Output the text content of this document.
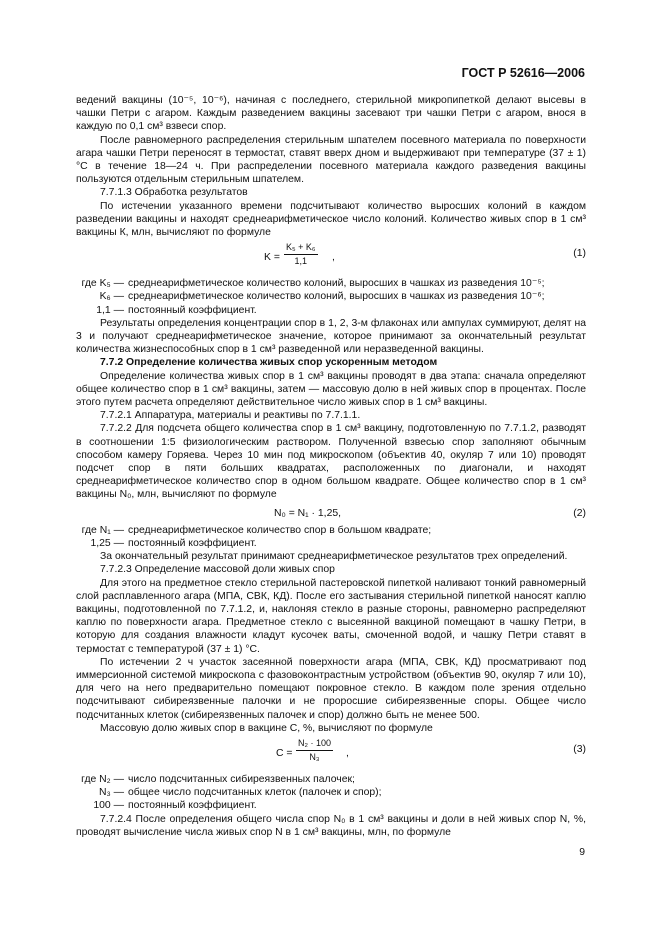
ГОСТ Р 52616—2006

ведений вакцины (10⁻⁵, 10⁻⁶), начиная с последнего, стерильной микропипеткой делают высевы в чашки Петри с агаром. Каждым разведением вакцины засевают три чашки Петри с агаром, внося в каждую по 0,1 см³ взвеси спор.

После равномерного распределения стерильным шпателем посевного материала по поверхности агара чашки Петри переносят в термостат, ставят вверх дном и выдерживают при температуре (37 ± 1) °С в течение 18—24 ч. При распределении посевного материала каждого разведения вакцины пользуются отдельным стерильным шпателем.

7.7.1.3 Обработка результатов

По истечении указанного времени подсчитывают количество выросших колоний в каждом разведении вакцины и находят среднеарифметическое число колоний. Количество живых спор в 1 см³ вакцины К, млн, вычисляют по формуле

$K = \frac{\text{K₅ + K₆}}{1,1}$ ,	(1)
где K₅ — среднеарифметическое количество колоний, выросших в чашках из разведения 10⁻⁵;
K₆ — среднеарифметическое количество колоний, выросших в чашках из разведения 10⁻⁶;
1,1 — постоянный коэффициент.

Результаты определения концентрации спор в 1, 2, 3-м флаконах или ампулах суммируют, делят на 3 и получают среднеарифметическое значение, которое принимают за окончательный результат количества жизнеспособных спор в 1 см³ разведенной или неразведенной вакцины.

7.7.2 Определение количества живых спор ускоренным методом

Определение количества живых спор в 1 см³ вакцины проводят в два этапа: сначала определяют общее количество спор в 1 см³ вакцины, затем — массовую долю в ней живых спор в процентах. После этого путем расчета определяют действительное число живых спор в 1 см³ вакцины.

7.7.2.1 Аппаратура, материалы и реактивы по 7.7.1.1.

7.7.2.2 Для подсчета общего количества спор в 1 см³ вакцину, подготовленную по 7.7.1.2, разводят в соотношении 1:5 физиологическим раствором. Полученной взвесью спор заполняют обычным способом камеру Горяева. Через 10 мин под микроскопом (объектив 40, окуляр 7 или 10) проводят подсчет спор в пяти больших квадратах, расположенных по диагонали, и находят среднеарифметическое количество спор в одном большом квадрате. Общее количество спор в 1 см³ вакцины N₀, млн, вычисляют по формуле

N₀ = N₁ · 1,25,	(2)
где N₁ — среднеарифметическое количество спор в большом квадрате;
1,25 — постоянный коэффициент.

За окончательный результат принимают среднеарифметическое результатов трех определений.

7.7.2.3 Определение массовой доли живых спор

Для этого на предметное стекло стерильной пастеровской пипеткой наливают тонкий равномерный слой расплавленного агара (МПА, СВК, КД). После его застывания стерильной пипеткой наносят каплю вакцины, подготовленной по 7.7.1.2, и, наклоняя стекло в разные стороны, равномерно распределяют каплю по поверхности агара. Предметное стекло с высеянной вакциной помещают в чашку Петри, в которую для создания влажности кладут кусочек ваты, смоченной водой, и чашку Петри ставят в термостат с температурой (37 ± 1) °С.

По истечении 2 ч участок засеянной поверхности агара (МПА, СВК, КД) просматривают под иммерсионной системой микроскопа с фазовоконтрастным устройством (объектив 90, окуляр 7 или 10), для чего на него предварительно помещают покровное стекло. В каждом поле зрения отдельно подсчитывают сибиреязвенные палочки и не проросшие сибиреязвенные споры. Общее число подсчитанных клеток (сибиреязвенных палочек и спор) должно быть не менее 500.

Массовую долю живых спор в вакцине С, %, вычисляют по формуле

$C = \frac{\text{N₂ · 100}}{\text{N₃}}$ ,	(3)
где N₂ — число подсчитанных сибиреязвенных палочек;
N₃ — общее число подсчитанных клеток (палочек и спор);
100 — постоянный коэффициент.

7.7.2.4 После определения общего числа спор N₀ в 1 см³ вакцины и доли в ней живых спор N, %, проводят вычисление числа живых спор N в 1 см³ вакцины, млн, по формуле

9
